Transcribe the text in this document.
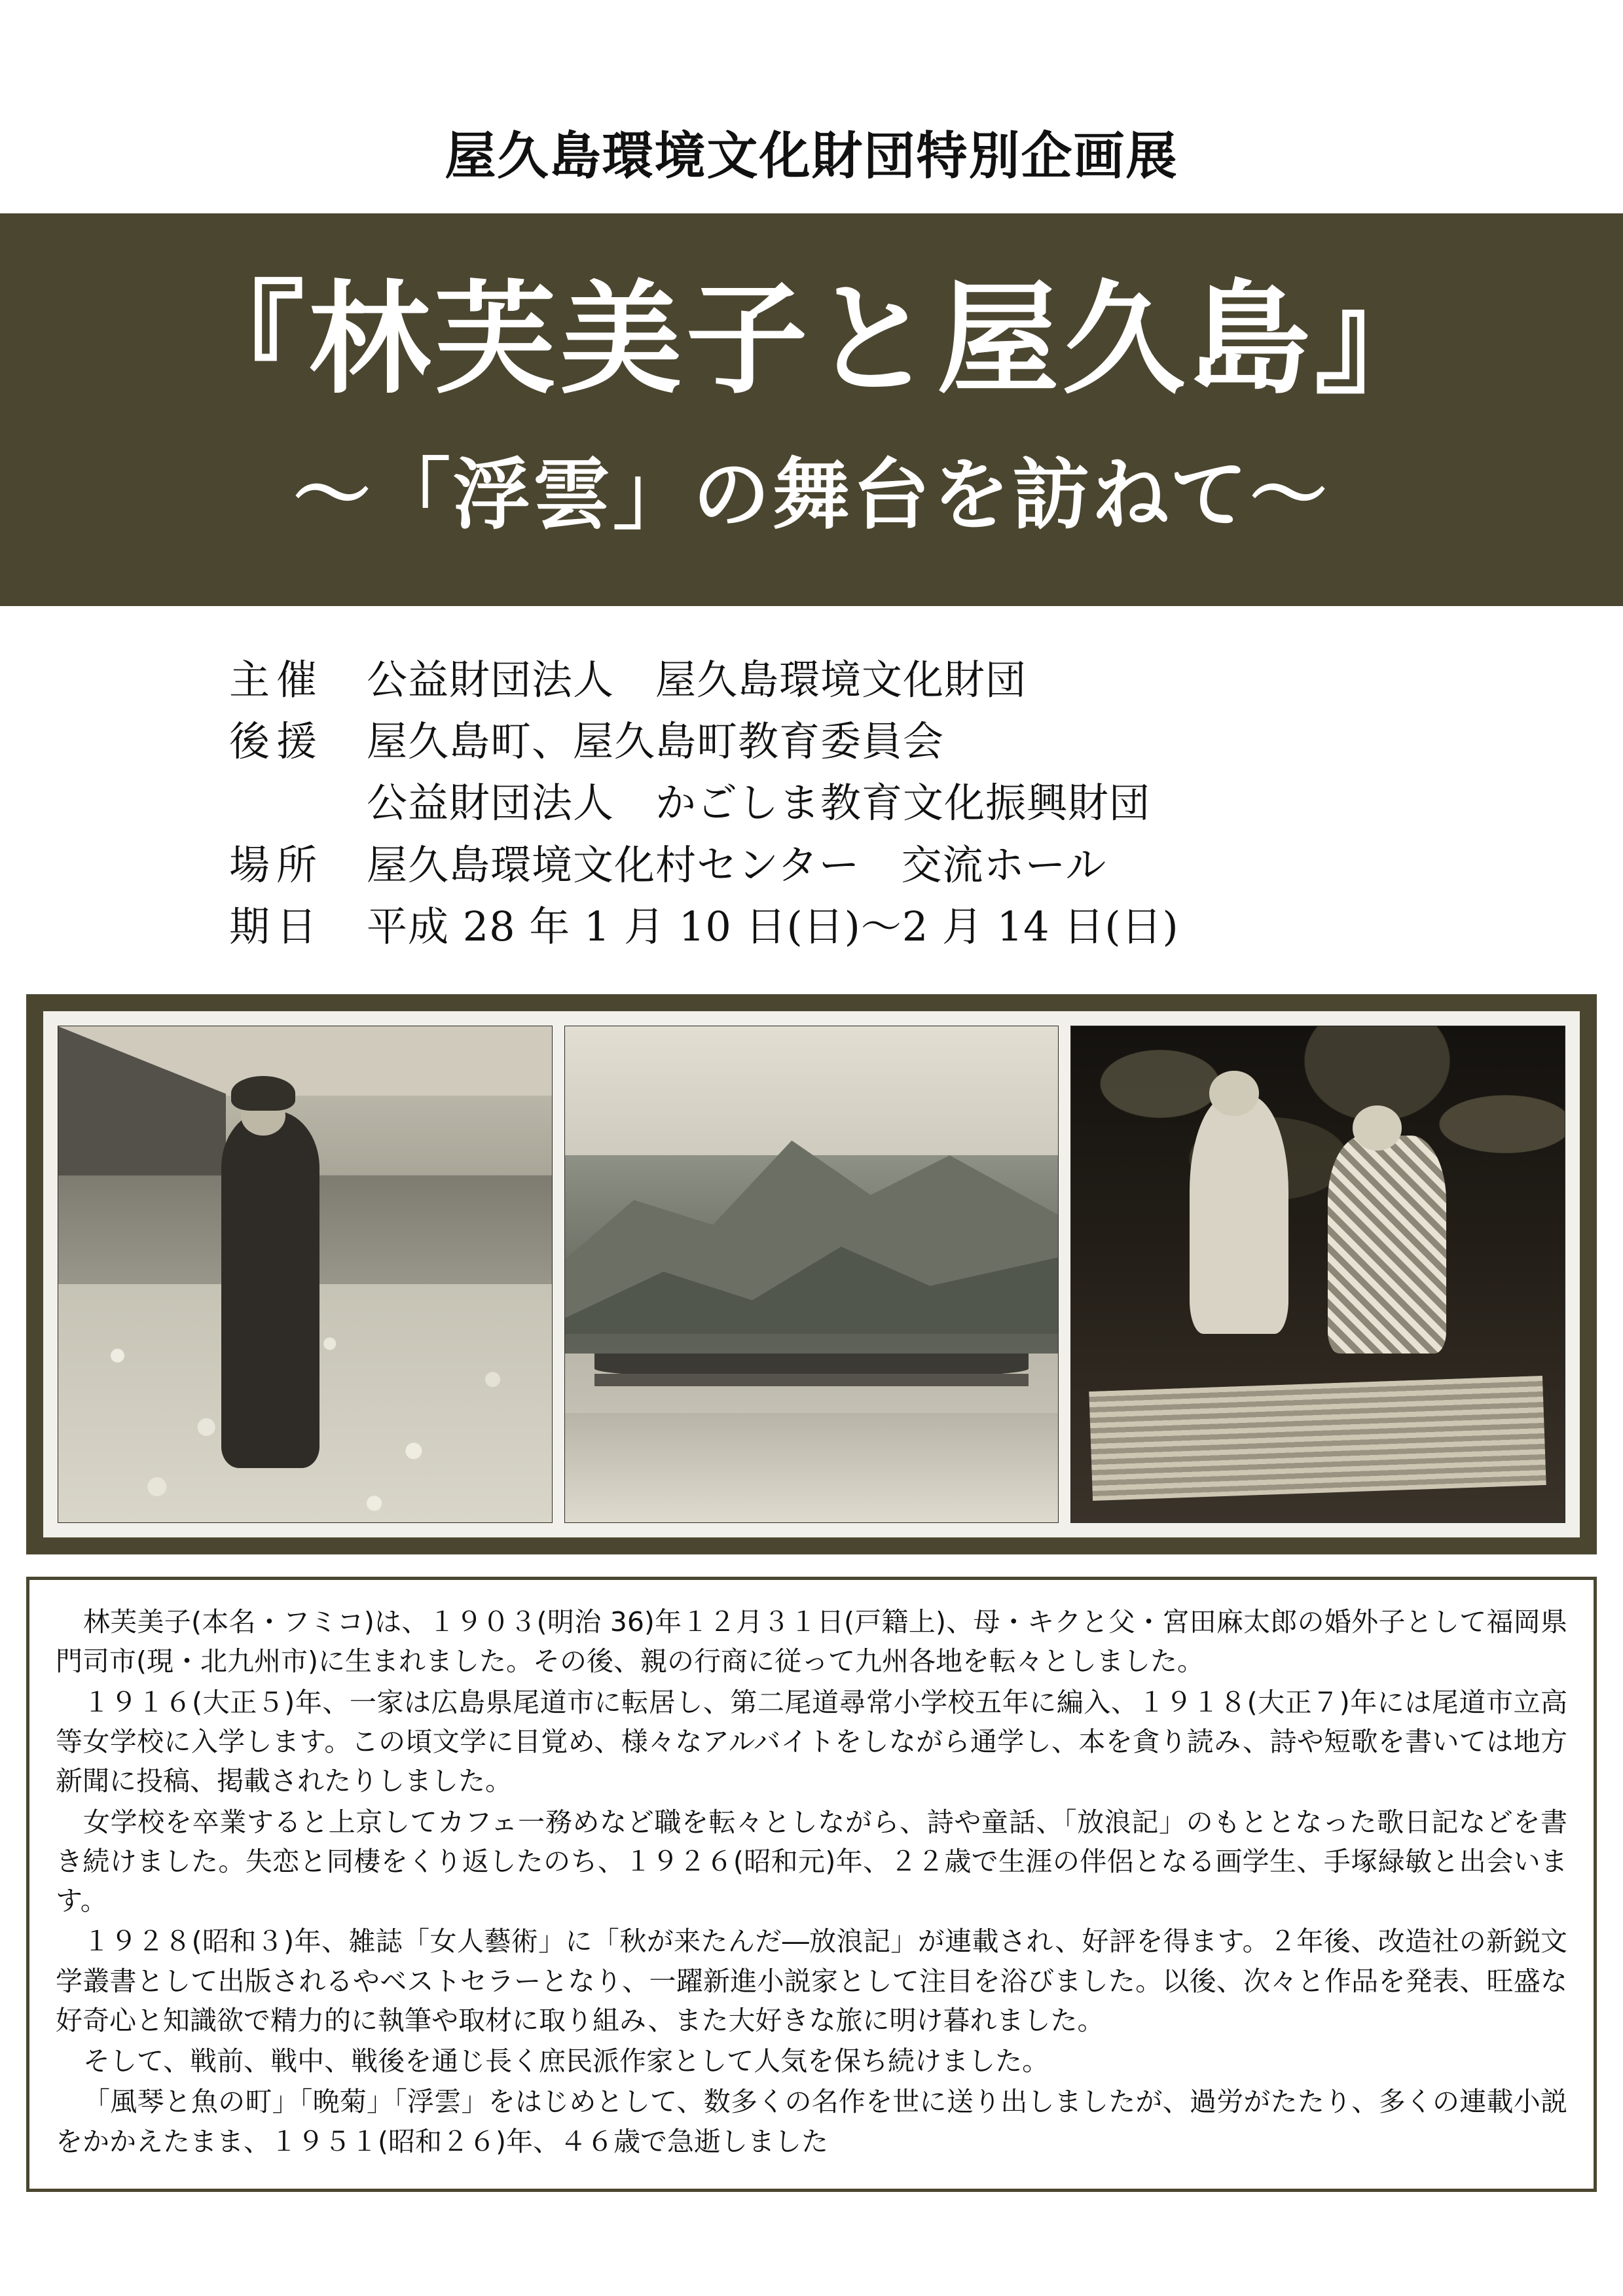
屋久島環境文化財団特別企画展
『林芙美子と屋久島』
〜「浮雲」の舞台を訪ねて〜
主催	公益財団法人　屋久島環境文化財団
後援	屋久島町、屋久島町教育委員会
公益財団法人　かごしま教育文化振興財団
場所	屋久島環境文化村センター　交流ホール
期日	平成 28 年 1 月 10 日(日)〜2 月 14 日(日)

林芙美子(本名・フミコ)は、１９０３(明治 36)年１２月３１日(戸籍上)、母・キクと父・宮田麻太郎の婚外子として福岡県門司市(現・北九州市)に生まれました。その後、親の行商に従って九州各地を転々としました。

１９１６(大正５)年、一家は広島県尾道市に転居し、第二尾道尋常小学校五年に編入、１９１８(大正７)年には尾道市立高等女学校に入学します。この頃文学に目覚め、様々なアルバイトをしながら通学し、本を貪り読み、詩や短歌を書いては地方新聞に投稿、掲載されたりしました。

女学校を卒業すると上京してカフェ一務めなど職を転々としながら、詩や童話、「放浪記」のもととなった歌日記などを書き続けました。失恋と同棲をくり返したのち、１９２６(昭和元)年、２２歳で生涯の伴侶となる画学生、手塚緑敏と出会います。

１９２８(昭和３)年、雑誌「女人藝術」に「秋が来たんだ―放浪記」が連載され、好評を得ます。２年後、改造社の新鋭文学叢書として出版されるやベストセラーとなり、一躍新進小説家として注目を浴びました。以後、次々と作品を発表、旺盛な好奇心と知識欲で精力的に執筆や取材に取り組み、また大好きな旅に明け暮れました。

そして、戦前、戦中、戦後を通じ長く庶民派作家として人気を保ち続けました。

「風琴と魚の町」「晩菊」「浮雲」をはじめとして、数多くの名作を世に送り出しましたが、過労がたたり、多くの連載小説をかかえたまま、１９５１(昭和２６)年、４６歳で急逝しました
